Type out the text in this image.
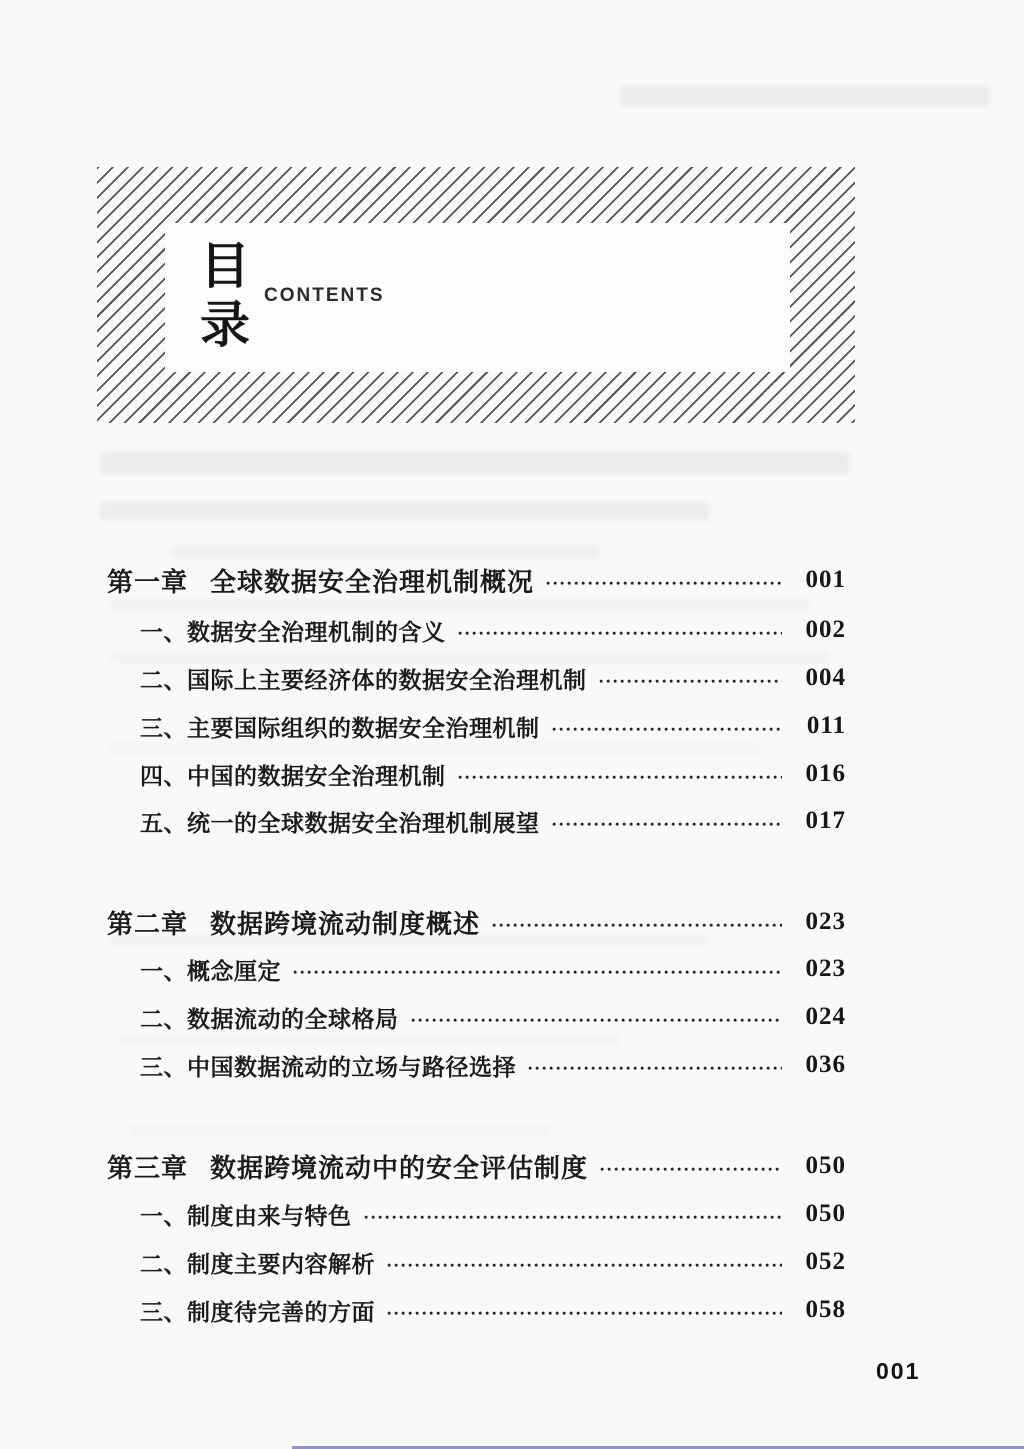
目录
CONTENTS
第一章 全球数据安全治理机制概况	001
一、数据安全治理机制的含义	002
二、国际上主要经济体的数据安全治理机制	004
三、主要国际组织的数据安全治理机制	011
四、中国的数据安全治理机制	016
五、统一的全球数据安全治理机制展望	017
第二章 数据跨境流动制度概述	023
一、概念厘定	023
二、数据流动的全球格局	024
三、中国数据流动的立场与路径选择	036
第三章 数据跨境流动中的安全评估制度	050
一、制度由来与特色	050
二、制度主要内容解析	052
三、制度待完善的方面	058
001
